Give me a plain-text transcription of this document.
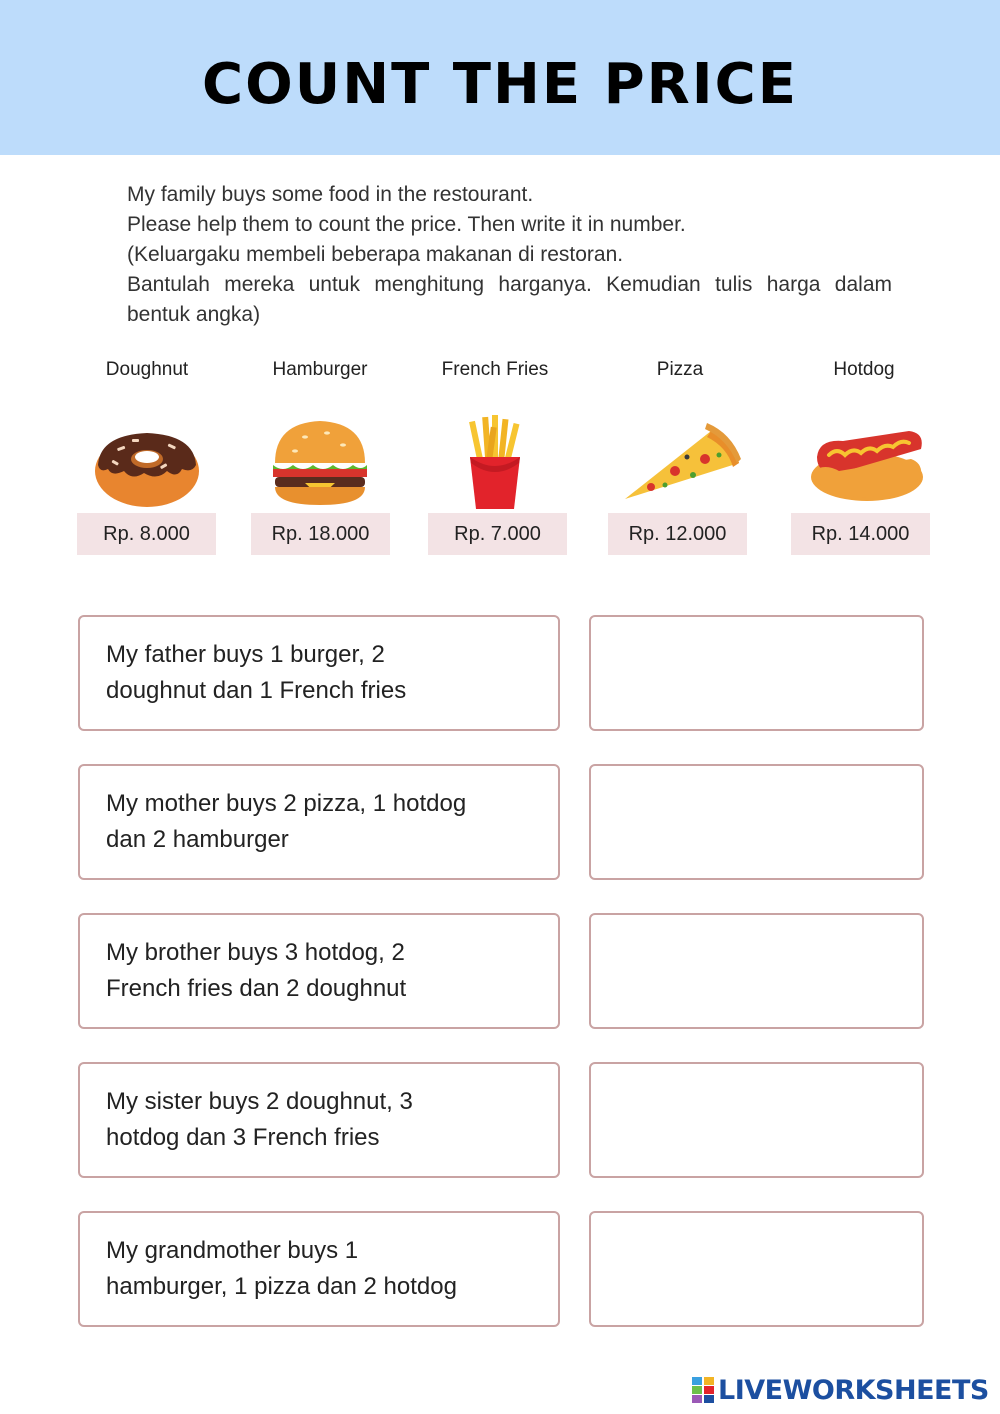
COUNT THE PRICE

My family buys some food in the restourant.

Please help them to count the price. Then write it in number.

(Keluargaku membeli beberapa makanan di restoran.

Bantulah mereka untuk menghitung harganya. Kemudian tulis harga dalam bentuk angka)

Doughnut	Hamburger	French Fries	Pizza	Hotdog
Rp. 8.000	Rp. 18.000	Rp. 7.000	Rp. 12.000	Rp. 14.000
My father buys 1 burger, 2
doughnut dan 1 French fries
My mother buys 2 pizza, 1 hotdog
dan 2 hamburger
My brother buys 3 hotdog, 2
French fries dan 2 doughnut
My sister buys 2 doughnut, 3
hotdog dan 3 French fries
My grandmother buys 1
hamburger, 1 pizza dan 2 hotdog
LIVEWORKSHEETS
